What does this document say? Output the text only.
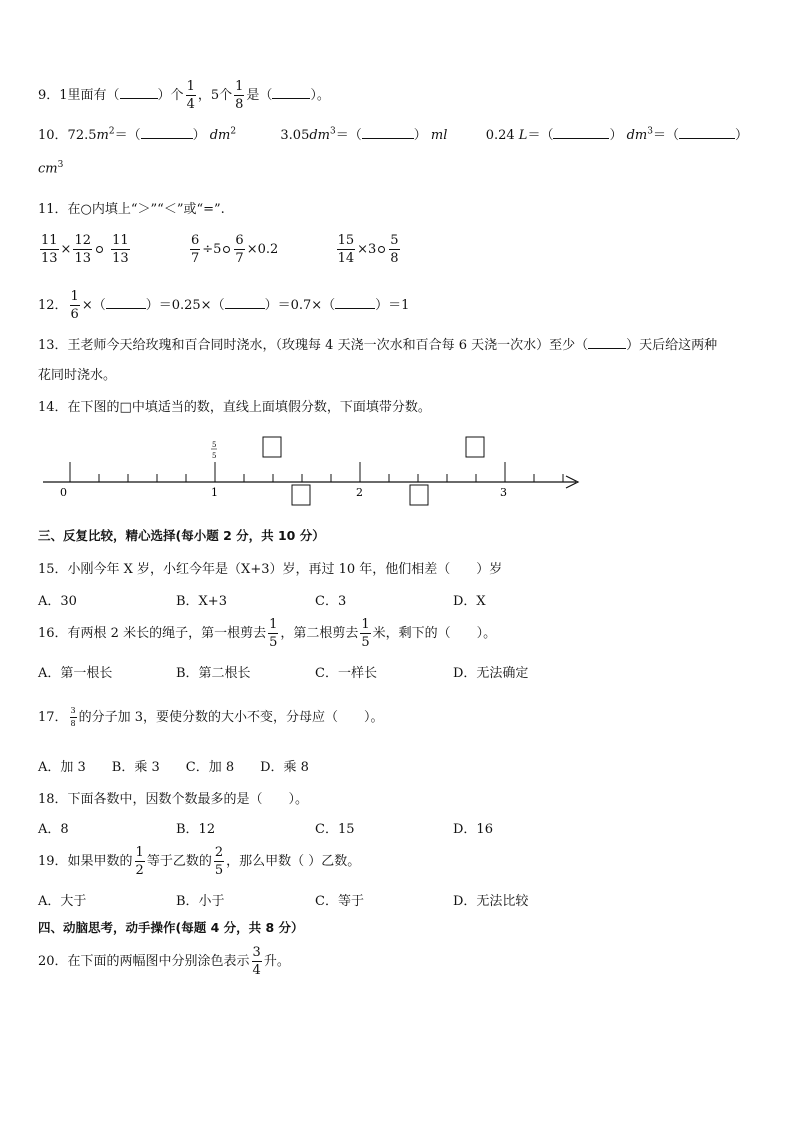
9．1里面有（	）个 $\frac{1}{4}$ ，5个 $\frac{1}{8}$ 是（	）。
10．$72.5m^2=$（	） $dm^2$	$3.05dm^3=$（	） ml	0.24 L＝（	） $dm^3=$（	）
$cm^3$
11．在○内填上“＞”“＜”或“=”.
$\frac{11}{13} \times \frac{12}{13}$
$\frac{11}{13}$
	$\frac{6}{7} \div 5 \frac{6}{7} \times 0.2$	$\frac{15}{14} \times 3 \frac{5}{8}$
12． $\frac{1}{6}$ ×（	）＝0.25×（	）＝0.7×（	）＝1
13．王老师今天给玫瑰和百合同时浇水，（玫瑰每 4 天浇一次水和百合每 6 天浇一次水）至少（	）天后给这两种
花同时浇水。
14．在下图的□中填适当的数，直线上面填假分数，下面填带分数。
5
5
0	1	2	3
三、反复比较，精心选择(每小题 2 分，共 10 分）
15．小刚今年 X 岁，小红今年是（X+3）岁，再过 10 年，他们相差（　　）岁
A．30	B．X+3	C．3	D．X
16．有两根 2 米长的绳子，第一根剪去 $\frac{1}{5}$ ，第二根剪去 $\frac{1}{5}$ 米，剩下的（　　）。
A．第一根长	B．第二根长	C．一样长	D．无法确定
17． $\frac{3}{8}$ 的分子加 3，要使分数的大小不变，分母应（　　）。
A．加 3　　B．乘 3　　C．加 8　　D．乘 8
18．下面各数中，因数个数最多的是（　　）。
A．8	B．12	C．15	D．16
19．如果甲数的 $\frac{1}{2}$ 等于乙数的 $\frac{2}{5}$ ，那么甲数（ ）乙数。
A．大于	B．小于	C．等于	D．无法比较
四、动脑思考，动手操作(每题 4 分，共 8 分）
20．在下面的两幅图中分别涂色表示 $\frac{3}{4}$ 升。
